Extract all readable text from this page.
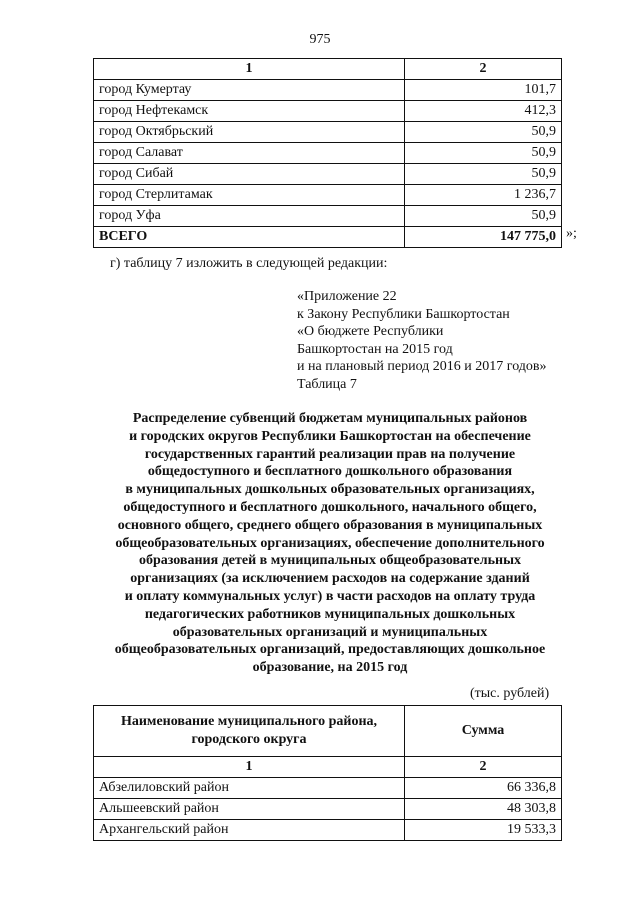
975
1	2
город Кумертау	101,7
город Нефтекамск	412,3
город Октябрьский	50,9
город Салават	50,9
город Сибай	50,9
город Стерлитамак	1 236,7
город Уфа	50,9
ВСЕГО	147 775,0 »;
г) таблицу 7 изложить в следующей редакции:
«Приложение 22
к Закону Республики Башкортостан
«О бюджете Республики
Башкортостан на 2015 год
и на плановый период 2016 и 2017 годов»
Таблица 7
Распределение субвенций бюджетам муниципальных районов
и городских округов Республики Башкортостан на обеспечение
государственных гарантий реализации прав на получение
общедоступного и бесплатного дошкольного образования
в муниципальных дошкольных образовательных организациях,
общедоступного и бесплатного дошкольного, начального общего,
основного общего, среднего общего образования в муниципальных
общеобразовательных организациях, обеспечение дополнительного
образования детей в муниципальных общеобразовательных
организациях (за исключением расходов на содержание зданий
и оплату коммунальных услуг) в части расходов на оплату труда
педагогических работников муниципальных дошкольных
образовательных организаций и муниципальных
общеобразовательных организаций, предоставляющих дошкольное
образование, на 2015 год
(тыс. рублей)
Наименование муниципального района,
городского округа	Сумма
1	2
Абзелиловский район	66 336,8
Альшеевский район	48 303,8
Архангельский район	19 533,3
